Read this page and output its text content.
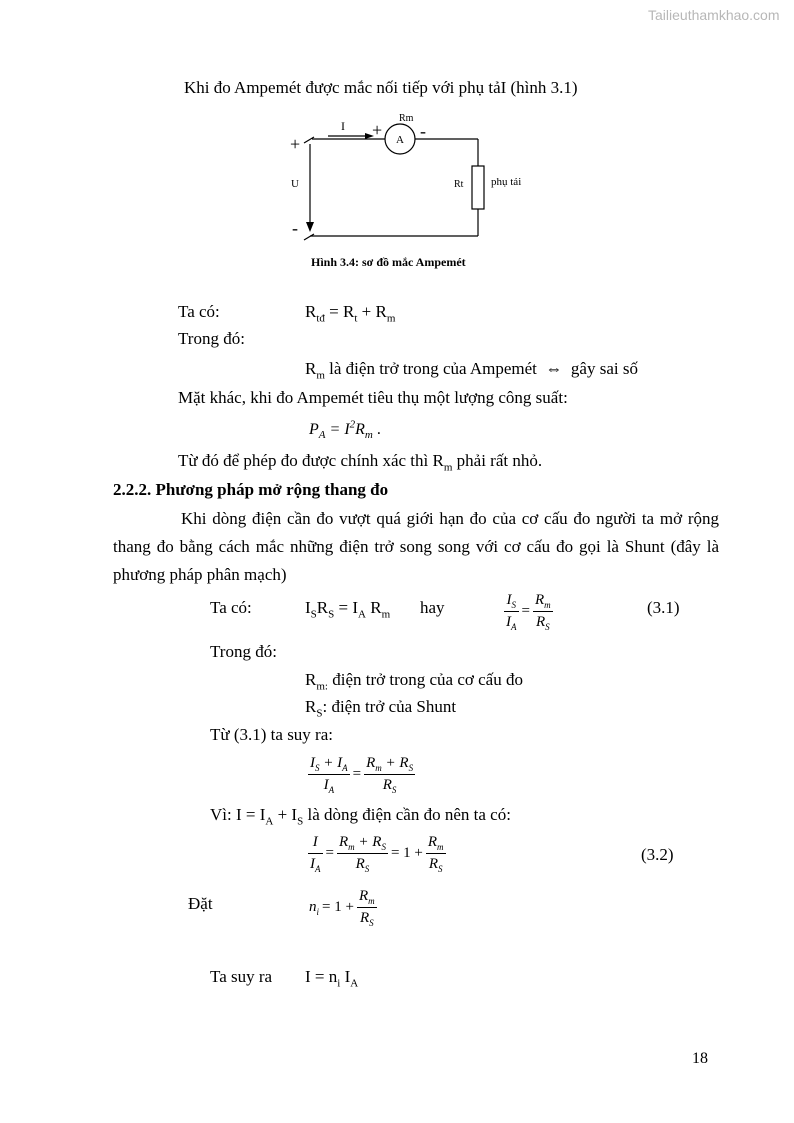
Tailieuthamkhao.com
Khi đo Ampemét được mắc nối tiếp với phụ tảI (hình 3.1)
I + -
A
Rm
+
-
U	Rt	phụ tải
Hình 3.4: sơ đồ mắc Ampemét
Ta có:	$R_{tđ} = R_t + R_m$
Trong đó:
$R_m$ là điện trở trong của Ampemét ⇔ gây sai số
Mặt khác, khi đo Ampemét tiêu thụ một lượng công suất:
$P_A = I^2R_m$ .
Từ đó để phép đo được chính xác thì $R_m$ phải rất nhỏ.
2.2.2. Phương pháp mở rộng thang đo
Khi dòng điện cần đo vượt quá giới hạn đo của cơ cấu đo người ta mở rộng thang đo bằng cách mắc những điện trở song song với cơ cấu đo gọi là Shunt (đây là phương pháp phân mạch)
Ta có:	$I_SR_S = I_A$ $R_m$ hay	$\frac{I_S}{I_A} = \frac{R_m}{R_S}$	(3.1)
Trong đó:
$R_{m:}$ điện trở trong của cơ cấu đo
$R_S$: điện trở của Shunt
Từ (3.1) ta suy ra:
$\frac{I_S + I_A}{I_A} = \frac{R_m + R_S}{R_S}$
Vì: $I = I_A + I_S$ là dòng điện cần đo nên ta có:
$\frac{I}{I_A} = \frac{R_m + R_S}{R_S} = 1 + \frac{R_m}{R_S}$	(3.2)
Đặt	$n_i = 1 + \frac{R_m}{R_S}$
Ta suy ra $I = n_i$ $I_A$
18
